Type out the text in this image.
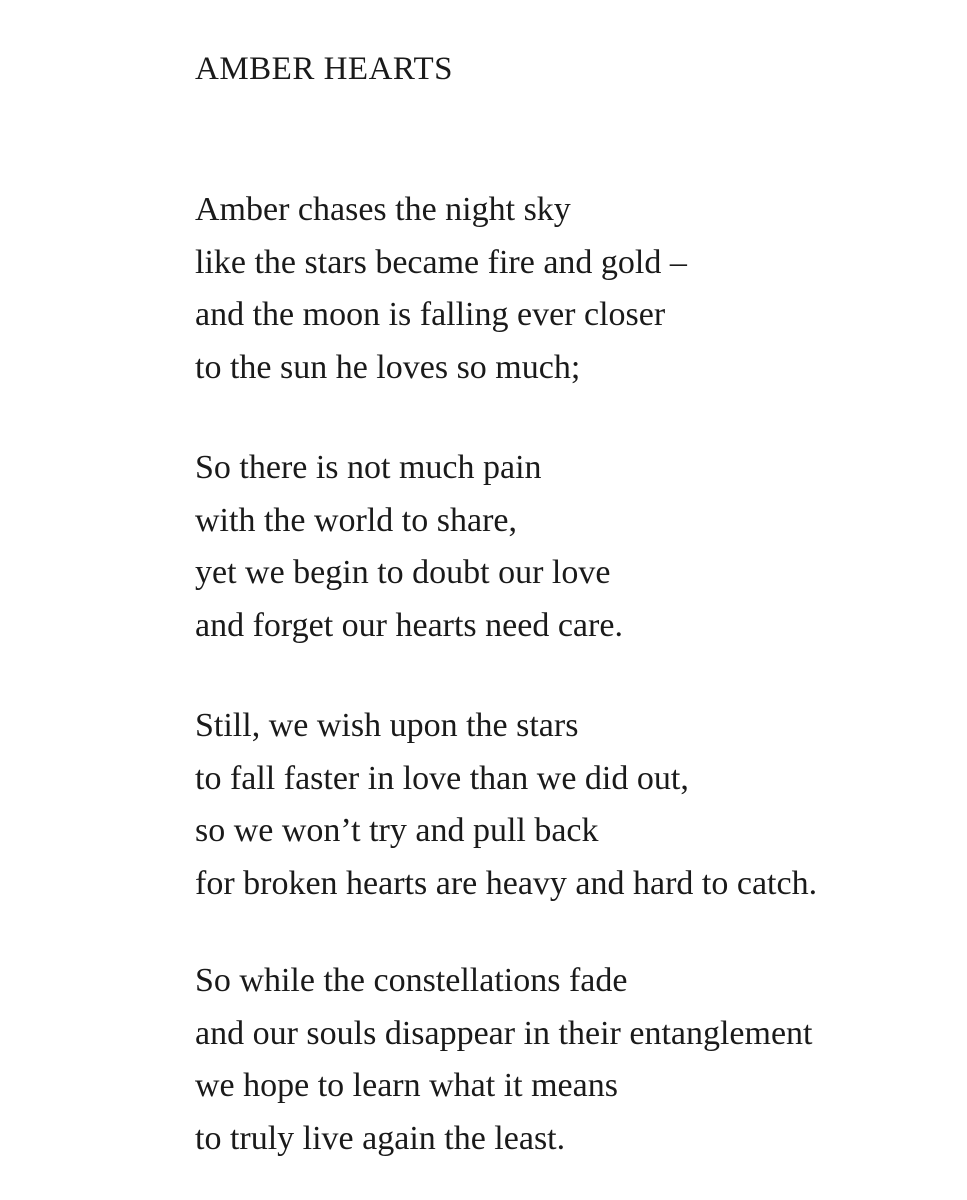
AMBER HEARTS
Amber chases the night sky
like the stars became fire and gold –
and the moon is falling ever closer
to the sun he loves so much;
So there is not much pain
with the world to share,
yet we begin to doubt our love
and forget our hearts need care.
Still, we wish upon the stars
to fall faster in love than we did out,
so we won’t try and pull back
for broken hearts are heavy and hard to catch.
So while the constellations fade
and our souls disappear in their entanglement
we hope to learn what it means
to truly live again the least.
